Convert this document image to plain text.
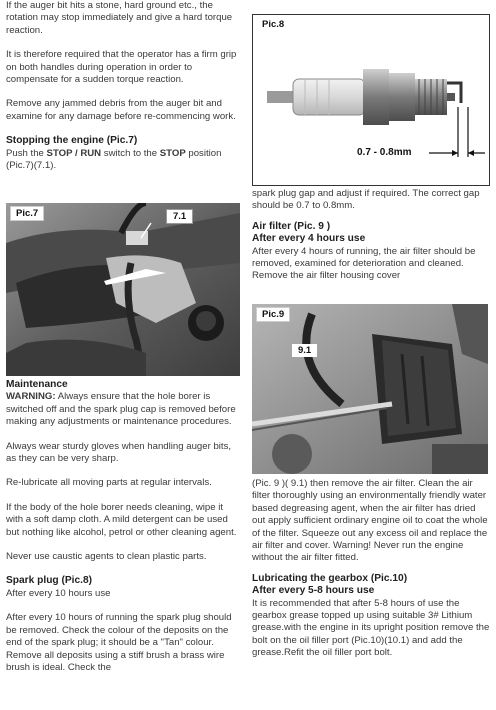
If the auger bit hits a stone, hard ground etc., the rotation may stop immediately and give a hard torque reaction.

It is therefore required that the operator has a firm grip on both handles during operation in order to compensate for a sudden torque reaction.

Remove any jammed debris from the auger bit and examine for any damage before re-commencing work.

Stopping the engine (Pic.7)

Push the STOP / RUN switch to the STOP position (Pic.7)(7.1).

Pic.7	7.1

Maintenance

WARNING: Always ensure that the hole borer is switched off and the spark plug cap is removed before making any adjustments or maintenance procedures.

Always wear sturdy gloves when handling auger bits, as they can be very sharp.

Re-lubricate all moving parts at regular intervals.

If the body of the hole borer needs cleaning, wipe it with a soft damp cloth. A mild detergent can be used but nothing like alcohol, petrol or other cleaning agent.

Never use caustic agents to clean plastic parts.

Spark plug (Pic.8)

After every 10 hours use

After every 10 hours of running the spark plug should be removed. Check the colour of the deposits on the end of the spark plug; it should be a "Tan" colour. Remove all deposits using a stiff brush a brass wire brush is ideal. Check the

Pic.8
0.7 - 0.8mm

spark plug gap and adjust if required. The correct gap should be 0.7 to 0.8mm.

Air filter (Pic. 9 )

After every 4 hours use

After every 4 hours of running, the air filter should be removed, examined for deterioration and cleaned. Remove the air filter housing cover

Pic.9
9.1

(Pic. 9 )( 9.1) then remove the air filter. Clean the air filter thoroughly using an environmentally friendly water based degreasing agent, when the air filter has dried out apply sufficient ordinary engine oil to coat the whole of the filter. Squeeze out any excess oil and replace the air filter and cover. Warning! Never run the engine without the air filter fitted.

Lubricating the gearbox (Pic.10)

After every 5-8 hours use

It is recommended that after 5-8 hours of use the gearbox grease topped up using suitable 3# Lithium grease.with the engine in its upright position remove the bolt on the oil filler port (Pic.10)(10.1) and add the grease.Refit the oil filler port bolt.
